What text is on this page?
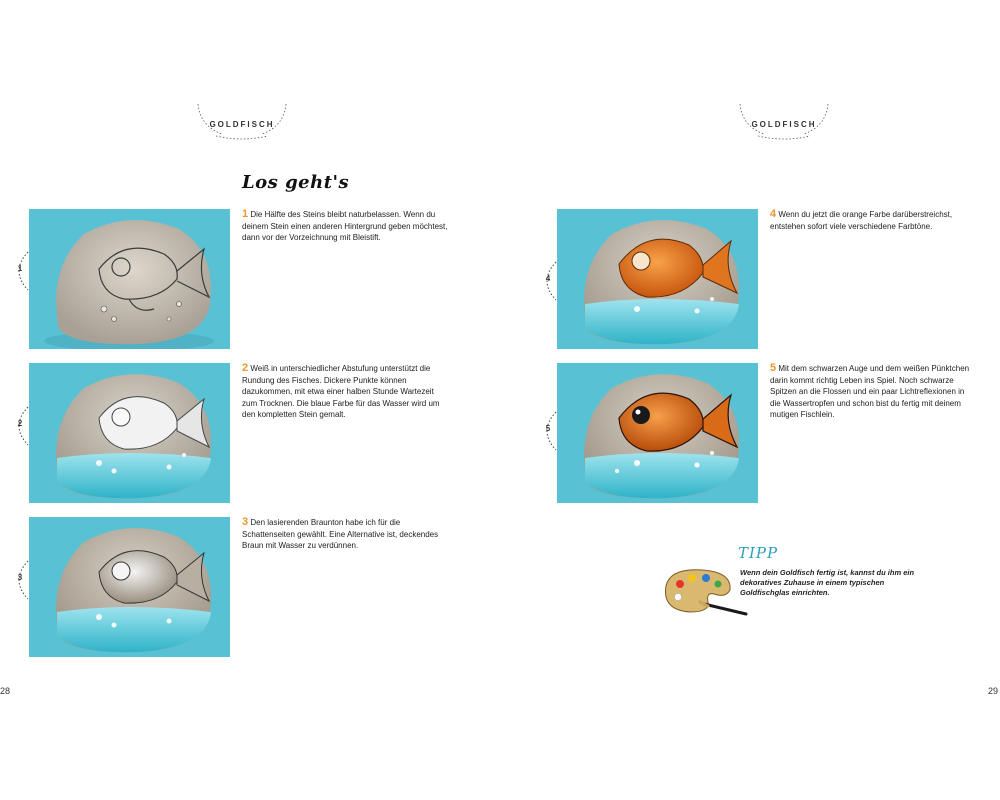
GOLDFISCH
Los geht's
1
1 Die Hälfte des Steins bleibt naturbelassen. Wenn du deinem Stein einen anderen Hintergrund geben möchtest, dann vor der Vorzeichnung mit Bleistift.
2
2 Weiß in unterschiedlicher Abstufung unterstützt die Rundung des Fisches. Dickere Punkte können dazukommen, mit etwa einer halben Stunde Wartezeit zum Trocknen. Die blaue Farbe für das Wasser wird um den kompletten Stein gemalt.
3
3 Den lasierenden Braunton habe ich für die Schattenseiten gewählt. Eine Alternative ist, deckendes Braun mit Wasser zu verdünnen.
28
GOLDFISCH
4
4 Wenn du jetzt die orange Farbe darüberstreichst, entstehen sofort viele verschiedene Farbtöne.
5
5 Mit dem schwarzen Auge und dem weißen Pünktchen darin kommt richtig Leben ins Spiel. Noch schwarze Spitzen an die Flossen und ein paar Lichtreflexionen in die Wassertropfen und schon bist du fertig mit deinem mutigen Fischlein.
29
TIPP
Wenn dein Goldfisch fertig ist, kannst du ihm ein dekoratives Zuhause in einem typischen Goldfischglas einrichten.
